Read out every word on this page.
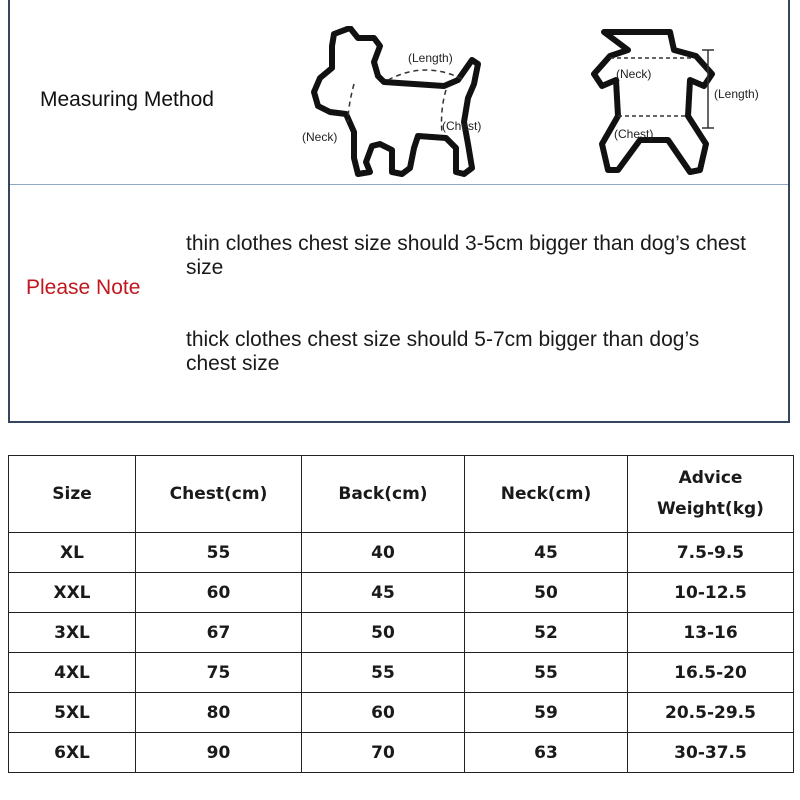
Measuring Method
(Length)
(Neck)
(Chest)
(Neck)
(Length)
(Chest)
Please Note
thin clothes chest size should 3-5cm bigger than dog’s chest size
thick clothes chest size should 5-7cm bigger than dog’s chest size
Size	Chest(cm)	Back(cm)	Neck(cm)	Advice Weight(kg)
XL	55	40	45	7.5-9.5
XXL	60	45	50	10-12.5
3XL	67	50	52	13-16
4XL	75	55	55	16.5-20
5XL	80	60	59	20.5-29.5
6XL	90	70	63	30-37.5
